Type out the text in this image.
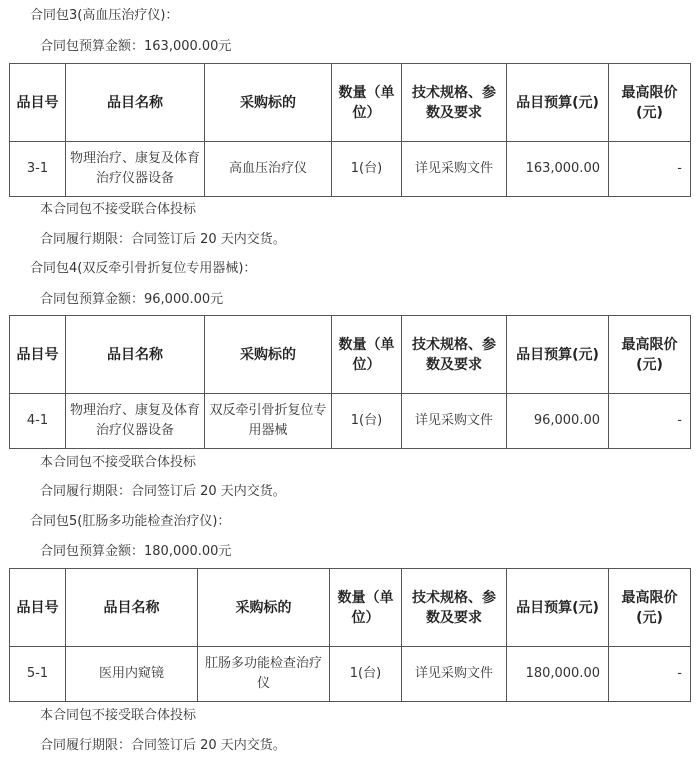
合同包3(高血压治疗仪)：
合同包预算金额：163,000.00元
品目号	品目名称	采购标的	数量（单位）	技术规格、参数及要求	品目预算(元)	最高限价(元)
3-1	物理治疗、康复及体育治疗仪器设备	高血压治疗仪	1(台)	详见采购文件	163,000.00	-
本合同包不接受联合体投标
合同履行期限：合同签订后 20 天内交货。
合同包4(双反牵引骨折复位专用器械)：
合同包预算金额：96,000.00元
品目号	品目名称	采购标的	数量（单位）	技术规格、参数及要求	品目预算(元)	最高限价(元)
4-1	物理治疗、康复及体育治疗仪器设备	双反牵引骨折复位专用器械	1(台)	详见采购文件	96,000.00	-
本合同包不接受联合体投标
合同履行期限：合同签订后 20 天内交货。
合同包5(肛肠多功能检查治疗仪)：
合同包预算金额：180,000.00元
品目号	品目名称	采购标的	数量（单位）	技术规格、参数及要求	品目预算(元)	最高限价(元)
5-1	医用内窥镜	肛肠多功能检查治疗仪	1(台)	详见采购文件	180,000.00	-
本合同包不接受联合体投标
合同履行期限：合同签订后 20 天内交货。
